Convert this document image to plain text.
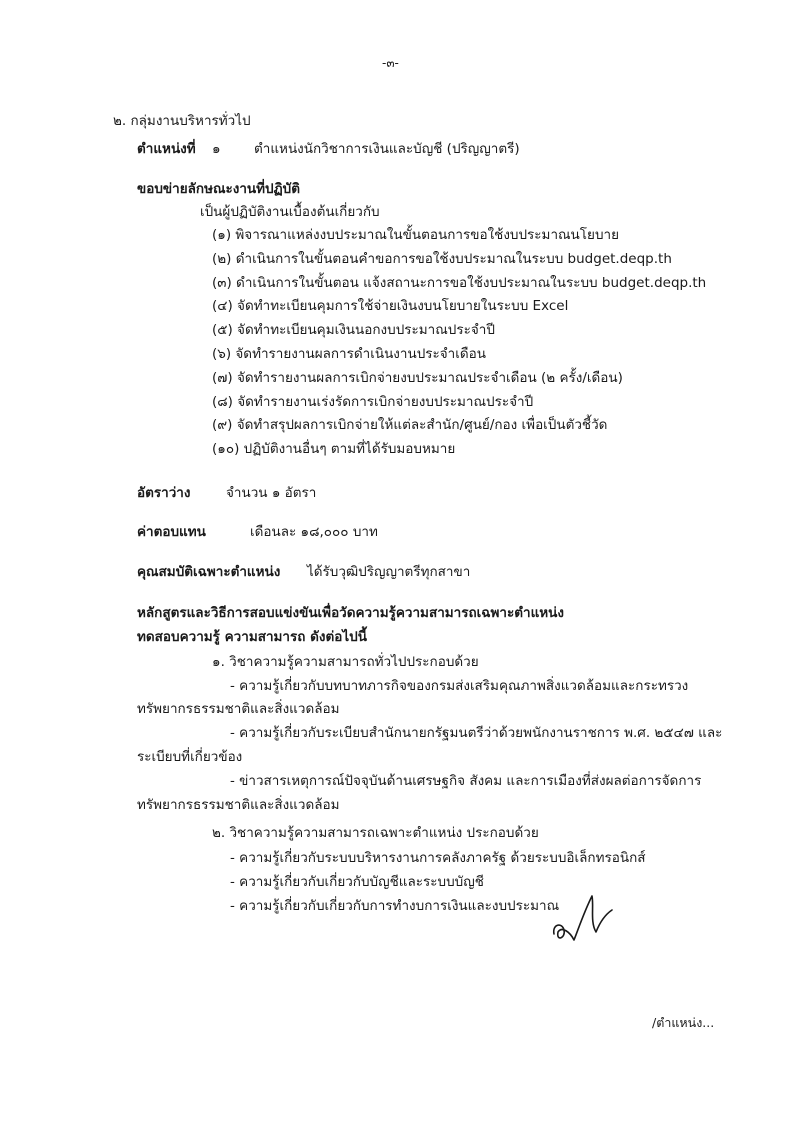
-๓-
๒. กลุ่มงานบริหารทั่วไป
ตำแหน่งที่ ๑ ตำแหน่งนักวิชาการเงินและบัญชี (ปริญญาตรี)
ขอบข่ายลักษณะงานที่ปฏิบัติ
เป็นผู้ปฏิบัติงานเบื้องต้นเกี่ยวกับ
(๑) พิจารณาแหล่งงบประมาณในขั้นตอนการขอใช้งบประมาณนโยบาย
(๒) ดำเนินการในขั้นตอนคำขอการขอใช้งบประมาณในระบบ budget.deqp.th
(๓) ดำเนินการในขั้นตอน แจ้งสถานะการขอใช้งบประมาณในระบบ budget.deqp.th
(๔) จัดทำทะเบียนคุมการใช้จ่ายเงินงบนโยบายในระบบ Excel
(๕) จัดทำทะเบียนคุมเงินนอกงบประมาณประจำปี
(๖) จัดทำรายงานผลการดำเนินงานประจำเดือน
(๗) จัดทำรายงานผลการเบิกจ่ายงบประมาณประจำเดือน (๒ ครั้ง/เดือน)
(๘) จัดทำรายงานเร่งรัดการเบิกจ่ายงบประมาณประจำปี
(๙) จัดทำสรุปผลการเบิกจ่ายให้แต่ละสำนัก/ศูนย์/กอง เพื่อเป็นตัวชี้วัด
(๑๐) ปฏิบัติงานอื่นๆ ตามที่ได้รับมอบหมาย
อัตราว่าง	จำนวน ๑ อัตรา
ค่าตอบแทน	เดือนละ ๑๘,๐๐๐ บาท
คุณสมบัติเฉพาะตำแหน่ง ได้รับวุฒิปริญญาตรีทุกสาขา
หลักสูตรและวิธีการสอบแข่งขันเพื่อวัดความรู้ความสามารถเฉพาะตำแหน่ง
ทดสอบความรู้ ความสามารถ ดังต่อไปนี้
๑. วิชาความรู้ความสามารถทั่วไปประกอบด้วย
- ความรู้เกี่ยวกับบทบาทภารกิจของกรมส่งเสริมคุณภาพสิ่งแวดล้อมและกระทรวง
ทรัพยากรธรรมชาติและสิ่งแวดล้อม
- ความรู้เกี่ยวกับระเบียบสำนักนายกรัฐมนตรีว่าด้วยพนักงานราชการ พ.ศ. ๒๕๔๗ และ
ระเบียบที่เกี่ยวข้อง
- ข่าวสารเหตุการณ์ปัจจุบันด้านเศรษฐกิจ สังคม และการเมืองที่ส่งผลต่อการจัดการ
ทรัพยากรธรรมชาติและสิ่งแวดล้อม
๒. วิชาความรู้ความสามารถเฉพาะตำแหน่ง ประกอบด้วย
- ความรู้เกี่ยวกับระบบบริหารงานการคลังภาครัฐ ด้วยระบบอิเล็กทรอนิกส์
- ความรู้เกี่ยวกับเกี่ยวกับบัญชีและระบบบัญชี
- ความรู้เกี่ยวกับเกี่ยวกับการทำงบการเงินและงบประมาณ
/ตำแหน่ง...
